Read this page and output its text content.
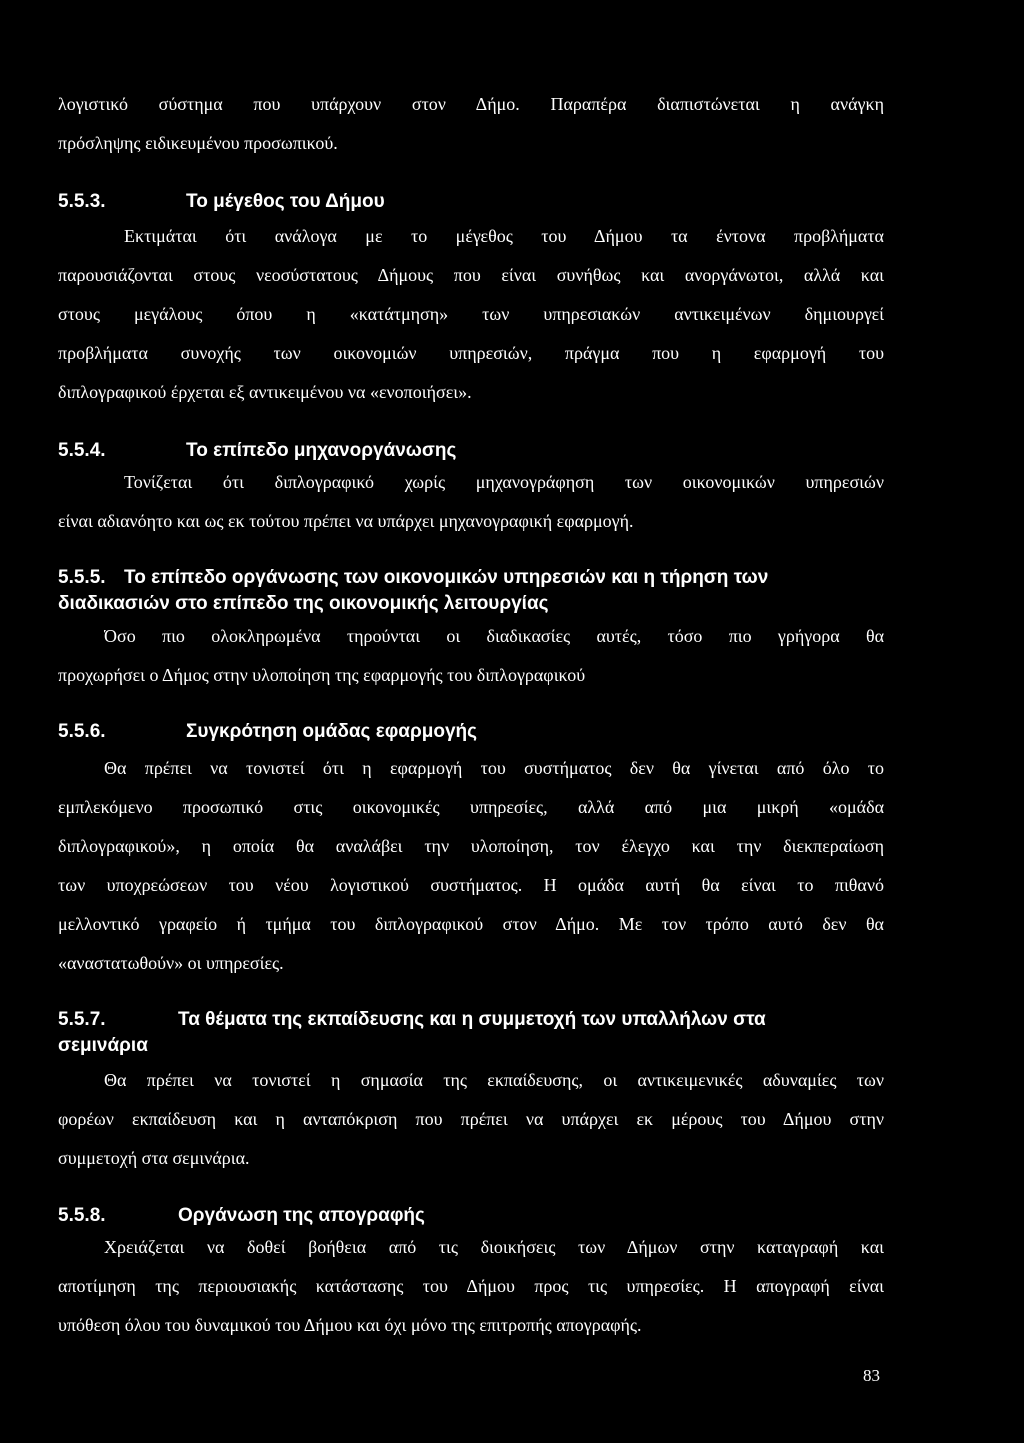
λογιστικό σύστημα που υπάρχουν στον Δήμο. Παραπέρα διαπιστώνεται η ανάγκη

πρόσληψης ειδικευμένου προσωπικού.

5.5.3.	Το μέγεθος του Δήμου

Εκτιμάται ότι ανάλογα με το μέγεθος του Δήμου τα έντονα προβλήματα

παρουσιάζονται στους νεοσύστατους Δήμους που είναι συνήθως και ανοργάνωτοι, αλλά και

στους μεγάλους όπου η «κατάτμηση» των υπηρεσιακών αντικειμένων δημιουργεί

προβλήματα συνοχής των οικονομιών υπηρεσιών, πράγμα που η εφαρμογή του

διπλογραφικού έρχεται εξ αντικειμένου να «ενοποιήσει».

5.5.4.	Το επίπεδο μηχανοργάνωσης

Τονίζεται ότι διπλογραφικό χωρίς μηχανογράφηση των οικονομικών υπηρεσιών

είναι αδιανόητο και ως εκ τούτου πρέπει να υπάρχει μηχανογραφική εφαρμογή.

5.5.5. Το επίπεδο οργάνωσης των οικονομικών υπηρεσιών και η τήρηση των
διαδικασιών στο επίπεδο της οικονομικής λειτουργίας

Όσο πιο ολοκληρωμένα τηρούνται οι διαδικασίες αυτές, τόσο πιο γρήγορα θα

προχωρήσει ο Δήμος στην υλοποίηση της εφαρμογής του διπλογραφικού

5.5.6.	Συγκρότηση ομάδας εφαρμογής

Θα πρέπει να τονιστεί ότι η εφαρμογή του συστήματος δεν θα γίνεται από όλο το

εμπλεκόμενο προσωπικό στις οικονομικές υπηρεσίες, αλλά από μια μικρή «ομάδα

διπλογραφικού», η οποία θα αναλάβει την υλοποίηση, τον έλεγχο και την διεκπεραίωση

των υποχρεώσεων του νέου λογιστικού συστήματος. Η ομάδα αυτή θα είναι το πιθανό

μελλοντικό γραφείο ή τμήμα του διπλογραφικού στον Δήμο. Με τον τρόπο αυτό δεν θα

«αναστατωθούν» οι υπηρεσίες.

5.5.7.	Τα θέματα της εκπαίδευσης και η συμμετοχή των υπαλλήλων στα
σεμινάρια

Θα πρέπει να τονιστεί η σημασία της εκπαίδευσης, οι αντικειμενικές αδυναμίες των

φορέων εκπαίδευση και η ανταπόκριση που πρέπει να υπάρχει εκ μέρους του Δήμου στην

συμμετοχή στα σεμινάρια.

5.5.8.	Οργάνωση της απογραφής

Χρειάζεται να δοθεί βοήθεια από τις διοικήσεις των Δήμων στην καταγραφή και

αποτίμηση της περιουσιακής κατάστασης του Δήμου προς τις υπηρεσίες. Η απογραφή είναι

υπόθεση όλου του δυναμικού του Δήμου και όχι μόνο της επιτροπής απογραφής.

83
